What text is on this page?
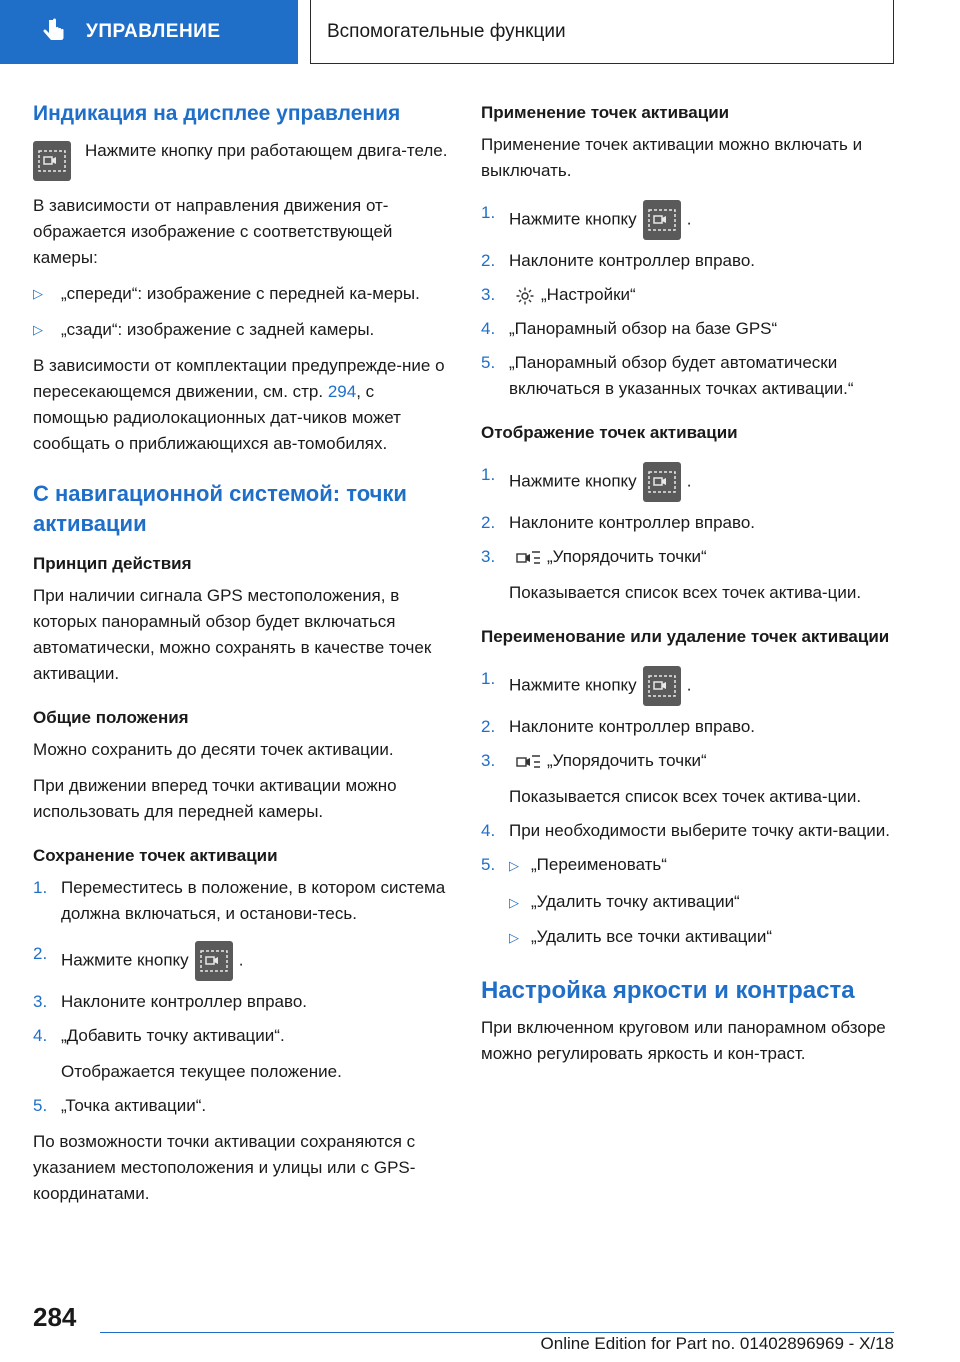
УПРАВЛЕНИЕ	Вспомогательные функции
Индикация на дисплее управления
Нажмите кнопку при работающем двига-теле.

В зависимости от направления движения от-ображается изображение с соответствующей камеры:

▷ „спереди“: изображение с передней ка-меры.
▷ „сзади“: изображение с задней камеры.

В зависимости от комплектации предупрежде-ние о пересекающемся движении, см. стр. 294, с помощью радиолокационных дат-чиков может сообщать о приближающихся ав-томобилях.

С навигационной системой: точки активации
Принцип действия

При наличии сигнала GPS местоположения, в которых панорамный обзор будет включаться автоматически, можно сохранять в качестве точек активации.

Общие положения

Можно сохранить до десяти точек активации.

При движении вперед точки активации можно использовать для передней камеры.

Сохранение точек активации
1. Переместитесь в положение, в котором система должна включаться, и останови-тесь.
2. Нажмите кнопку	.
3. Наклоните контроллер вправо.
4. „Добавить точку активации“.
Отображается текущее положение.
5. „Точка активации“.

По возможности точки активации сохраняются с указанием местоположения и улицы или с GPS-координатами.

Применение точек активации

Применение точек активации можно включать и выключать.

1. Нажмите кнопку	.
2. Наклоните контроллер вправо.
3.	„Настройки“
4. „Панорамный обзор на базе GPS“
5. „Панорамный обзор будет автоматически включаться в указанных точках активации.“
Отображение точек активации
1. Нажмите кнопку	.
2. Наклоните контроллер вправо.
3.	„Упорядочить точки“
Показывается список всех точек актива-ции.
Переименование или удаление точек активации
1. Нажмите кнопку	.
2. Наклоните контроллер вправо.
3.	„Упорядочить точки“
Показывается список всех точек актива-ции.
4. При необходимости выберите точку акти-вации.
5. ▷ „Переименовать“
▷ „Удалить точку активации“
▷ „Удалить все точки активации“
Настройка яркости и контраста

При включенном круговом или панорамном обзоре можно регулировать яркость и кон-траст.

284
Online Edition for Part no. 01402896969 - X/18
